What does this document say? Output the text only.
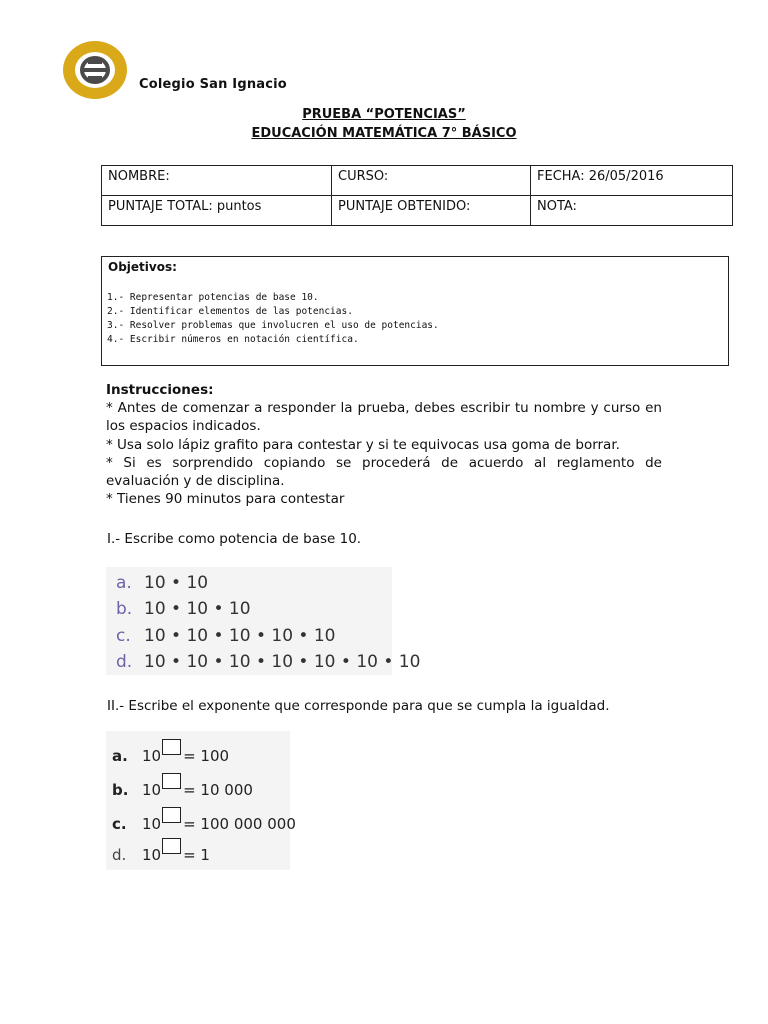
Colegio San Ignacio
PRUEBA “POTENCIAS”
EDUCACIÓN MATEMÁTICA 7° BÁSICO
NOMBRE:	CURSO:	FECHA: 26/05/2016
PUNTAJE TOTAL: puntos	PUNTAJE OBTENIDO:	NOTA:
Objetivos:
1.- Representar potencias de base 10.
2.- Identificar elementos de las potencias.
3.- Resolver problemas que involucren el uso de potencias.
4.- Escribir números en notación científica.
Instrucciones:
* Antes de comenzar a responder la prueba, debes escribir tu nombre y curso en los espacios indicados.
* Usa solo lápiz grafito para contestar y si te equivocas usa goma de borrar.
* Si es sorprendido copiando se procederá de acuerdo al reglamento de evaluación y de disciplina.
* Tienes 90 minutos para contestar
I.- Escribe como potencia de base 10.
a. 10 • 10
b. 10 • 10 • 10
c. 10 • 10 • 10 • 10 • 10
d. 10 • 10 • 10 • 10 • 10 • 10 • 10
II.- Escribe el exponente que corresponde para que se cumpla la igualdad.
a. 10 = 100
b. 10 = 10 000
c. 10 = 100 000 000
d. 10 = 1
